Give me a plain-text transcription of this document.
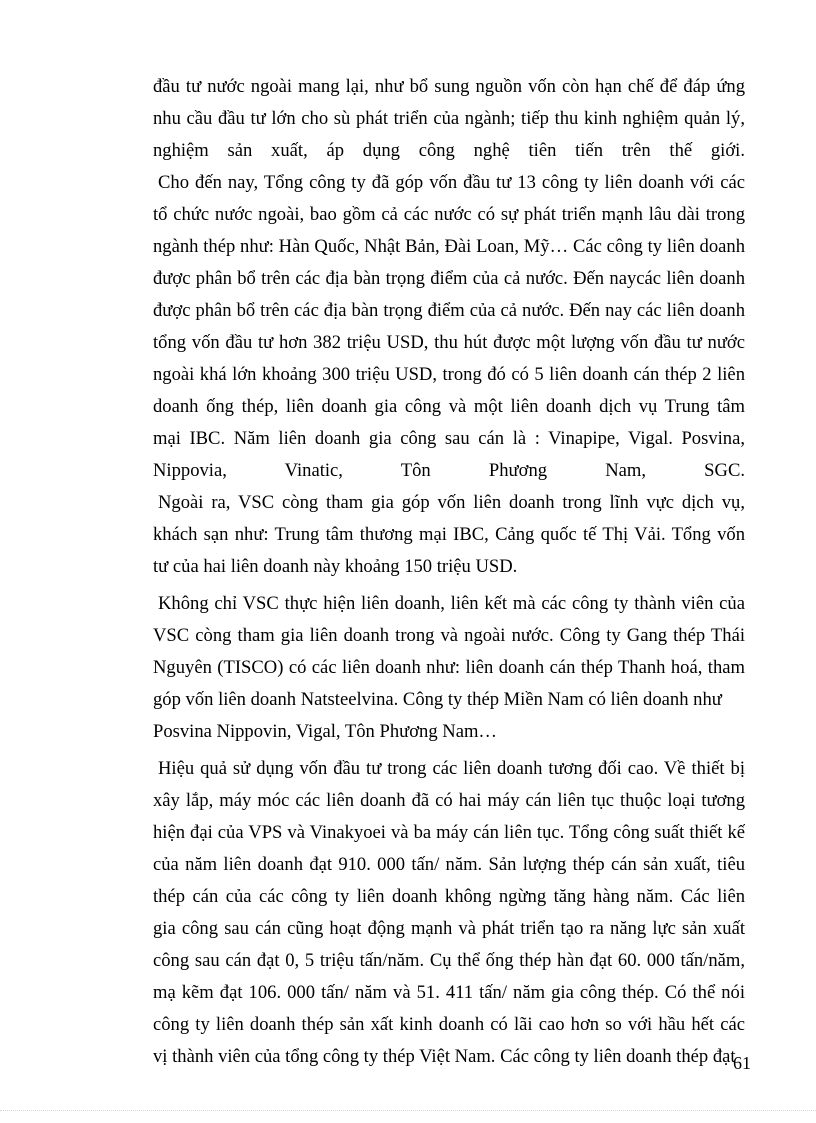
đầu tư nước ngoài mang lại, như bổ sung nguồn vốn còn hạn chế để đáp ứng
nhu cầu đầu tư lớn cho sù phát triển của ngành; tiếp thu kinh nghiệm quản lý,
nghiệm sản xuất, áp dụng công nghệ tiên tiến trên thế giới.
Cho đến nay, Tổng công ty đã góp vốn đầu tư 13 công ty liên doanh với các
tổ chức nước ngoài, bao gồm cả các nước có sự phát triển mạnh lâu dài trong
ngành thép như: Hàn Quốc, Nhật Bản, Đài Loan, Mỹ… Các công ty liên doanh
được phân bổ trên các địa bàn trọng điểm của cả nước. Đến naycác liên doanh
được phân bổ trên các địa bàn trọng điểm của cả nước. Đến nay các liên doanh
tổng vốn đầu tư hơn 382 triệu USD, thu hút được một lượng vốn đầu tư nước
ngoài khá lớn khoảng 300 triệu USD, trong đó có 5 liên doanh cán thép 2 liên
doanh ống thép, liên doanh gia công và một liên doanh dịch vụ Trung tâm
mại IBC. Năm liên doanh gia công sau cán là : Vinapipe, Vigal. Posvina,
Nippovia, Vinatic, Tôn Phương Nam, SGC.
Ngoài ra, VSC còng tham gia góp vốn liên doanh trong lĩnh vực dịch vụ,
khách sạn như: Trung tâm thương mại IBC, Cảng quốc tế Thị Vải. Tổng vốn
tư của hai liên doanh này khoảng 150 triệu USD.
Không chỉ VSC thực hiện liên doanh, liên kết mà các công ty thành viên của
VSC còng tham gia liên doanh trong và ngoài nước. Công ty Gang thép Thái
Nguyên (TISCO) có các liên doanh như: liên doanh cán thép Thanh hoá, tham
góp vốn liên doanh Natsteelvina. Công ty thép Miền Nam có liên doanh như
Posvina Nippovin, Vigal, Tôn Phương Nam…
Hiệu quả sử dụng vốn đầu tư trong các liên doanh tương đối cao. Về thiết bị
xây lắp, máy móc các liên doanh đã có hai máy cán liên tục thuộc loại tương
hiện đại của VPS và Vinakyoei và ba máy cán liên tục. Tổng công suất thiết kế
của năm liên doanh đạt 910. 000 tấn/ năm. Sản lượng thép cán sản xuất, tiêu
thép cán của các công ty liên doanh không ngừng tăng hàng năm. Các liên
gia công sau cán cũng hoạt động mạnh và phát triển tạo ra năng lực sản xuất
công sau cán đạt 0, 5 triệu tấn/năm. Cụ thể ống thép hàn đạt 60. 000 tấn/năm,
mạ kẽm đạt 106. 000 tấn/ năm và 51. 411 tấn/ năm gia công thép. Có thể nói
công ty liên doanh thép sản xất kinh doanh có lãi cao hơn so với hầu hết các
vị thành viên của tổng công ty thép Việt Nam. Các công ty liên doanh thép đạt
61
